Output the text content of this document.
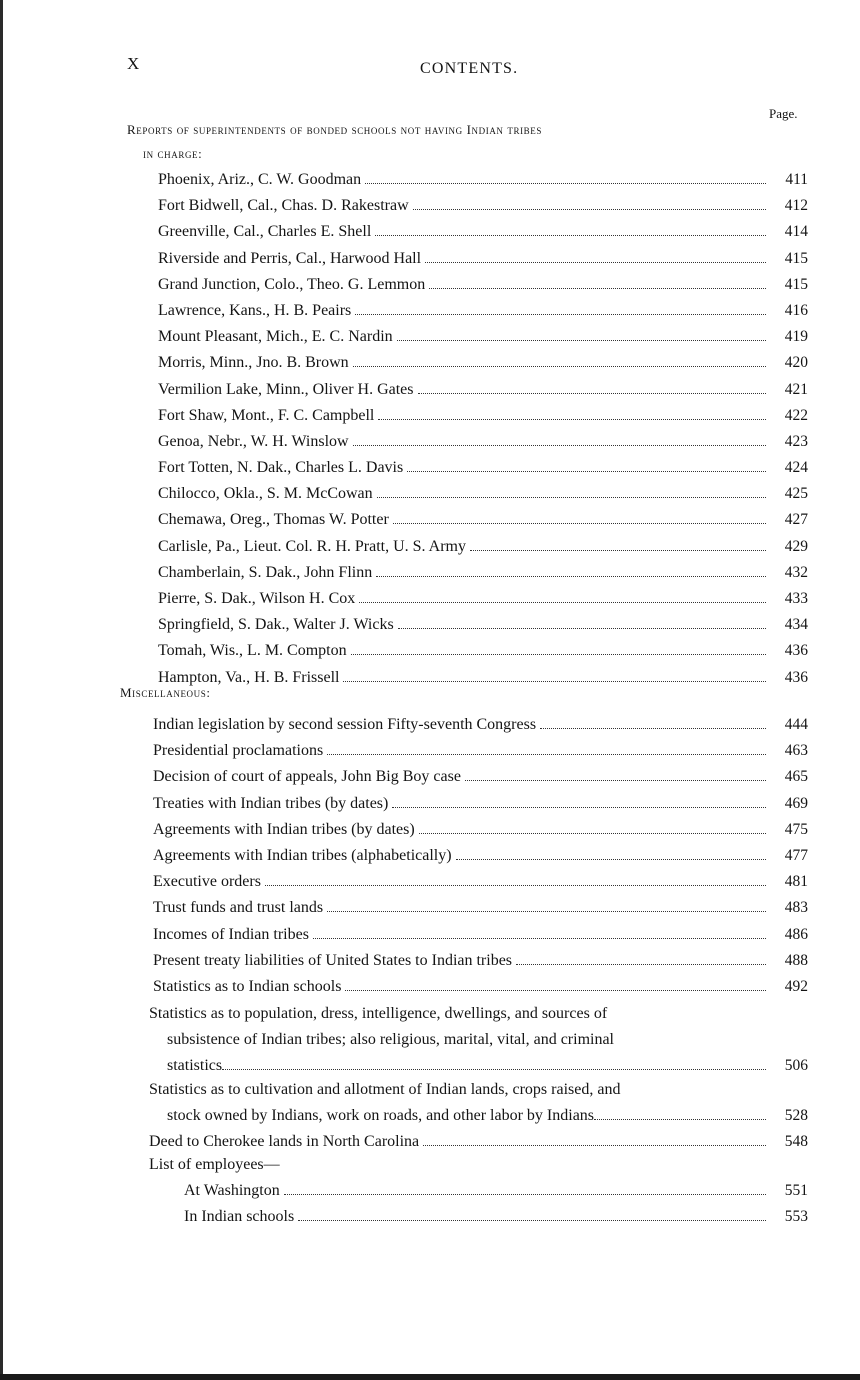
X	CONTENTS.
Page.
Reports of superintendents of bonded schools not having Indian tribes
in charge:
Phoenix, Ariz., C. W. Goodman	411
Fort Bidwell, Cal., Chas. D. Rakestraw	412
Greenville, Cal., Charles E. Shell	414
Riverside and Perris, Cal., Harwood Hall	415
Grand Junction, Colo., Theo. G. Lemmon	415
Lawrence, Kans., H. B. Peairs	416
Mount Pleasant, Mich., E. C. Nardin	419
Morris, Minn., Jno. B. Brown	420
Vermilion Lake, Minn., Oliver H. Gates	421
Fort Shaw, Mont., F. C. Campbell	422
Genoa, Nebr., W. H. Winslow	423
Fort Totten, N. Dak., Charles L. Davis	424
Chilocco, Okla., S. M. McCowan	425
Chemawa, Oreg., Thomas W. Potter	427
Carlisle, Pa., Lieut. Col. R. H. Pratt, U. S. Army	429
Chamberlain, S. Dak., John Flinn	432
Pierre, S. Dak., Wilson H. Cox	433
Springfield, S. Dak., Walter J. Wicks	434
Tomah, Wis., L. M. Compton	436
Hampton, Va., H. B. Frissell	436
Miscellaneous:
Indian legislation by second session Fifty-seventh Congress	444
Presidential proclamations	463
Decision of court of appeals, John Big Boy case	465
Treaties with Indian tribes (by dates)	469
Agreements with Indian tribes (by dates)	475
Agreements with Indian tribes (alphabetically)	477
Executive orders	481
Trust funds and trust lands	483
Incomes of Indian tribes	486
Present treaty liabilities of United States to Indian tribes	488
Statistics as to Indian schools	492
Statistics as to population, dress, intelligence, dwellings, and sources of
subsistence of Indian tribes; also religious, marital, vital, and criminal
statistics	506
Statistics as to cultivation and allotment of Indian lands, crops raised, and
stock owned by Indians, work on roads, and other labor by Indians	528
Deed to Cherokee lands in North Carolina	548
List of employees—
At Washington	551
In Indian schools	553
